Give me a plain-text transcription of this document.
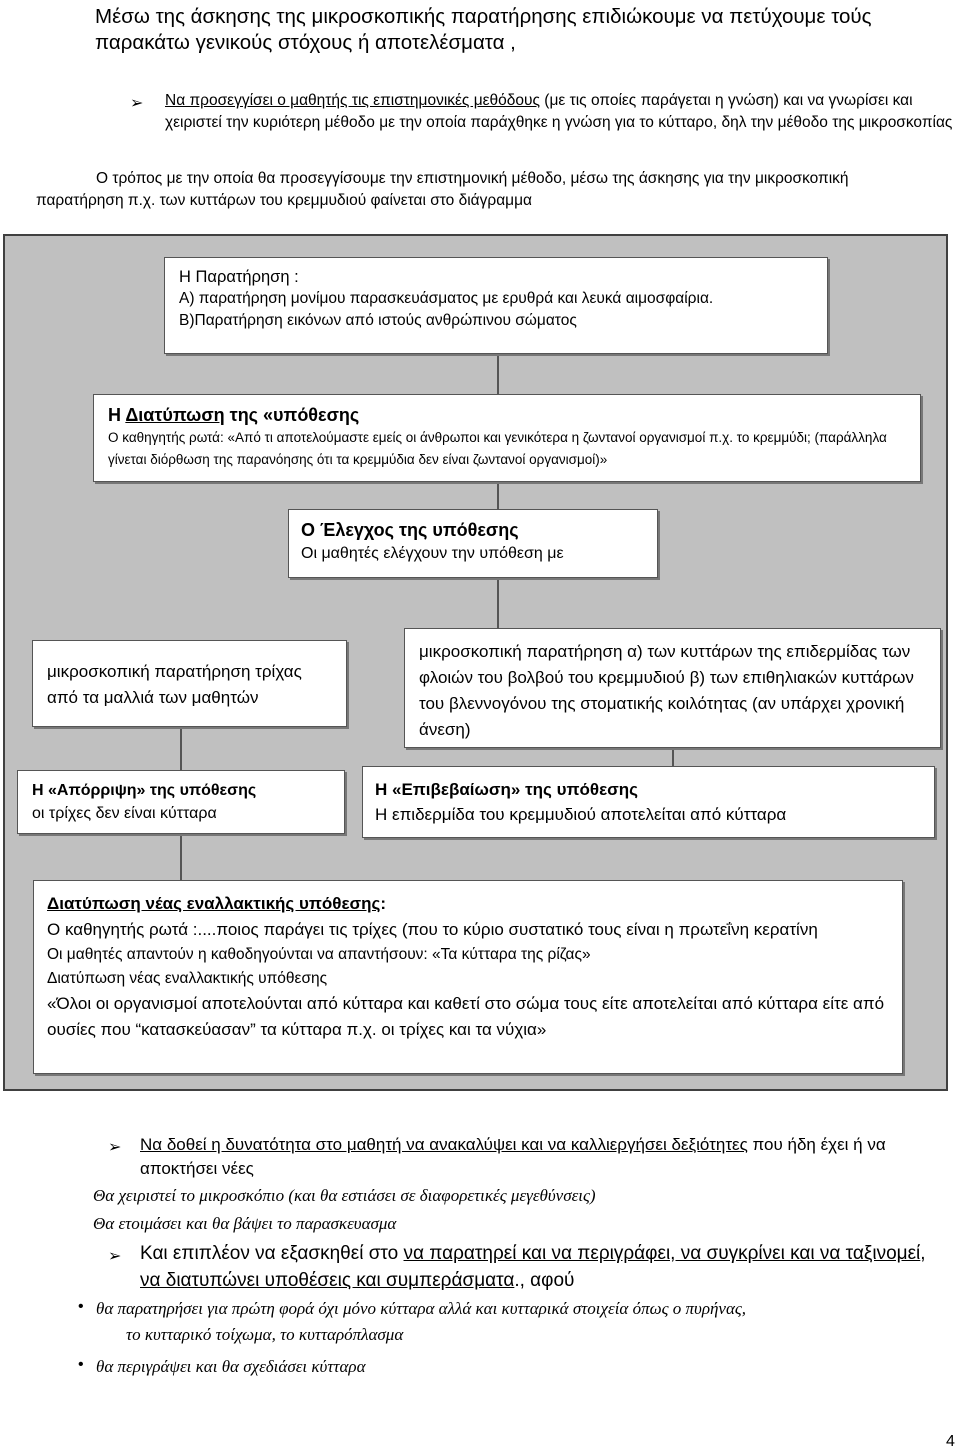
Μέσω της άσκησης της μικροσκοπικής παρατήρησης επιδιώκουμε να πετύχουμε τούς παρακάτω γενικούς στόχους ή αποτελέσματα ,
➢ Να προσεγγίσει ο μαθητής τις επιστημονικές μεθόδους (με τις οποίες παράγεται η γνώση) και να γνωρίσει και χειριστεί την κυριότερη μέθοδο με την οποία παράχθηκε η γνώση για το κύτταρο, δηλ την μέθοδο της μικροσκοπίας
Ο τρόπος με την οποία θα προσεγγίσουμε την επιστημονική μέθοδο, μέσω της άσκησης για την μικροσκοπική παρατήρηση π.χ. των κυττάρων του κρεμμυδιού φαίνεται στο διάγραμμα
Η Παρατήρηση :
Α) παρατήρηση μονίμου παρασκευάσματος με ερυθρά και λευκά αιμοσφαίρια.
Β)Παρατήρηση εικόνων από ιστούς ανθρώπινου σώματος
Η Διατύπωση της «υπόθεσης
Ο καθηγητής ρωτά: «Από τι αποτελούμαστε εμείς οι άνθρωποι και γενικότερα η ζωντανοί οργανισμοί π.χ. το κρεμμύδι; (παράλληλα γίνεται διόρθωση της παρανόησης ότι τα κρεμμύδια δεν είναι ζωντανοί οργανισμοί)»
Ο Έλεγχος της υπόθεσης
Οι μαθητές ελέγχουν την υπόθεση με
μικροσκοπική παρατήρηση τρίχας από τα μαλλιά των μαθητών
μικροσκοπική παρατήρηση α) των κυττάρων της επιδερμίδας των φλοιών του βολβού του κρεμμυδιού β) των επιθηλιακών κυττάρων του βλεννογόνου της στοματικής κοιλότητας (αν υπάρχει χρονική άνεση)
Η «Απόρριψη» της υπόθεσης
οι τρίχες δεν είναι κύτταρα
Η «Επιβεβαίωση» της υπόθεσης
Η επιδερμίδα του κρεμμυδιού αποτελείται από κύτταρα
Διατύπωση νέας εναλλακτικής υπόθεσης:
Ο καθηγητής ρωτά :....ποιος παράγει τις τρίχες (που το κύριο συστατικό τους είναι η πρωτεΐνη κερατίνη
Οι μαθητές απαντούν η καθοδηγούνται να απαντήσουν: «Τα κύτταρα της ρίζας»
Διατύπωση νέας εναλλακτικής υπόθεσης
«Όλοι οι οργανισμοί αποτελούνται από κύτταρα και καθετί στο σώμα τους είτε αποτελείται από κύτταρα είτε από ουσίες που “κατασκεύασαν” τα κύτταρα π.χ. οι τρίχες και τα νύχια»
➢ Να δοθεί η δυνατότητα στο μαθητή να ανακαλύψει και να καλλιεργήσει δεξιότητες που ήδη έχει ή να αποκτήσει νέες
Θα χειριστεί το μικροσκόπιο (και θα εστιάσει σε διαφορετικές μεγεθύνσεις)
Θα ετοιμάσει και θα βάψει το παρασκευασμα
➢ Και επιπλέον να εξασκηθεί στο να παρατηρεί και να περιγράφει, να συγκρίνει και να ταξινομεί, να διατυπώνει υποθέσεις και συμπεράσματα., αφού
• θα παρατηρήσει για πρώτη φορά όχι μόνο κύτταρα αλλά και κυτταρικά στοιχεία όπως ο πυρήνας,
το κυτταρικό τοίχωμα, το κυτταρόπλασμα
• θα περιγράψει και θα σχεδιάσει κύτταρα
4
